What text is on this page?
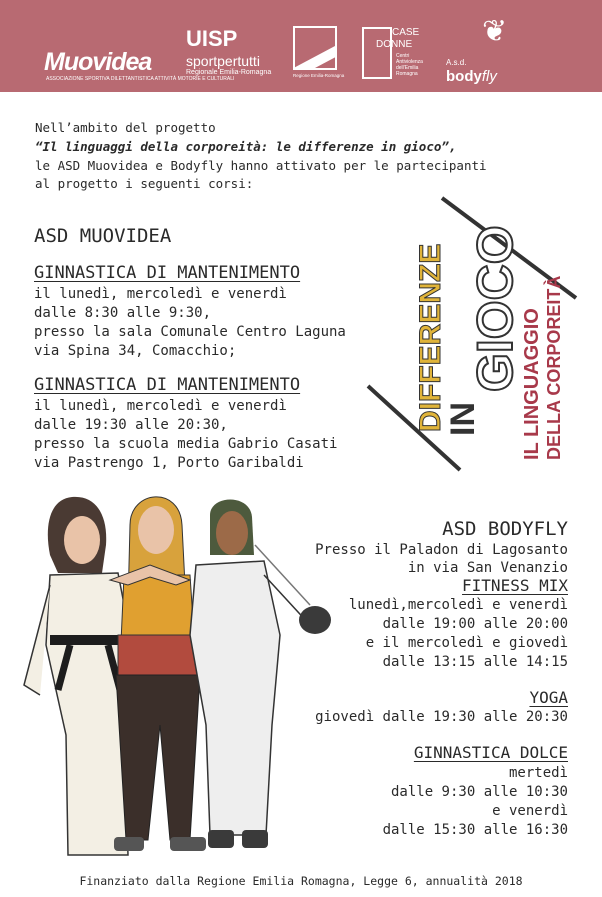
Muovidea
ASSOCIAZIONE SPORTIVA DILETTANTISTICA ATTIVITÀ MOTORIE E CULTURALI
UISP
sportpertutti
Regionale Emilia-Romagna	Regione Emilia-Romagna
CASE
DONNE
Centri Antiviolenza dell'Emilia Romagna
❦
A.s.d.
bodyfly
Nell’ambito del progetto
“Il linguaggi della corporeità: le differenze in gioco”,
le ASD Muovidea e Bodyfly hanno attivato per le partecipanti
al progetto i seguenti corsi:
ASD MUOVIDEA
GINNASTICA DI MANTENIMENTO
il lunedì, mercoledì e venerdì
dalle 8:30 alle 9:30,
presso la sala Comunale Centro Laguna
via Spina 34, Comacchio;
GINNASTICA DI MANTENIMENTO
il lunedì, mercoledì e venerdì
dalle 19:30 alle 20:30,
presso la scuola media Gabrio Casati
via Pastrengo 1, Porto Garibaldi
DIFFERENZE
IN
GIOCO
IL LINGUAGGIO DELLA CORPOREITÀ
ASD BODYFLY
Presso il Paladon di Lagosanto
in via San Venanzio
FITNESS MIX
lunedì,mercoledì e venerdì
dalle 19:00 alle 20:00
e il mercoledì e giovedì
dalle 13:15 alle 14:15
YOGA
giovedì dalle 19:30 alle 20:30
GINNASTICA DOLCE
mertedì
dalle 9:30 alle 10:30
e venerdì
dalle 15:30 alle 16:30
Finanziato dalla Regione Emilia Romagna, Legge 6, annualità 2018
